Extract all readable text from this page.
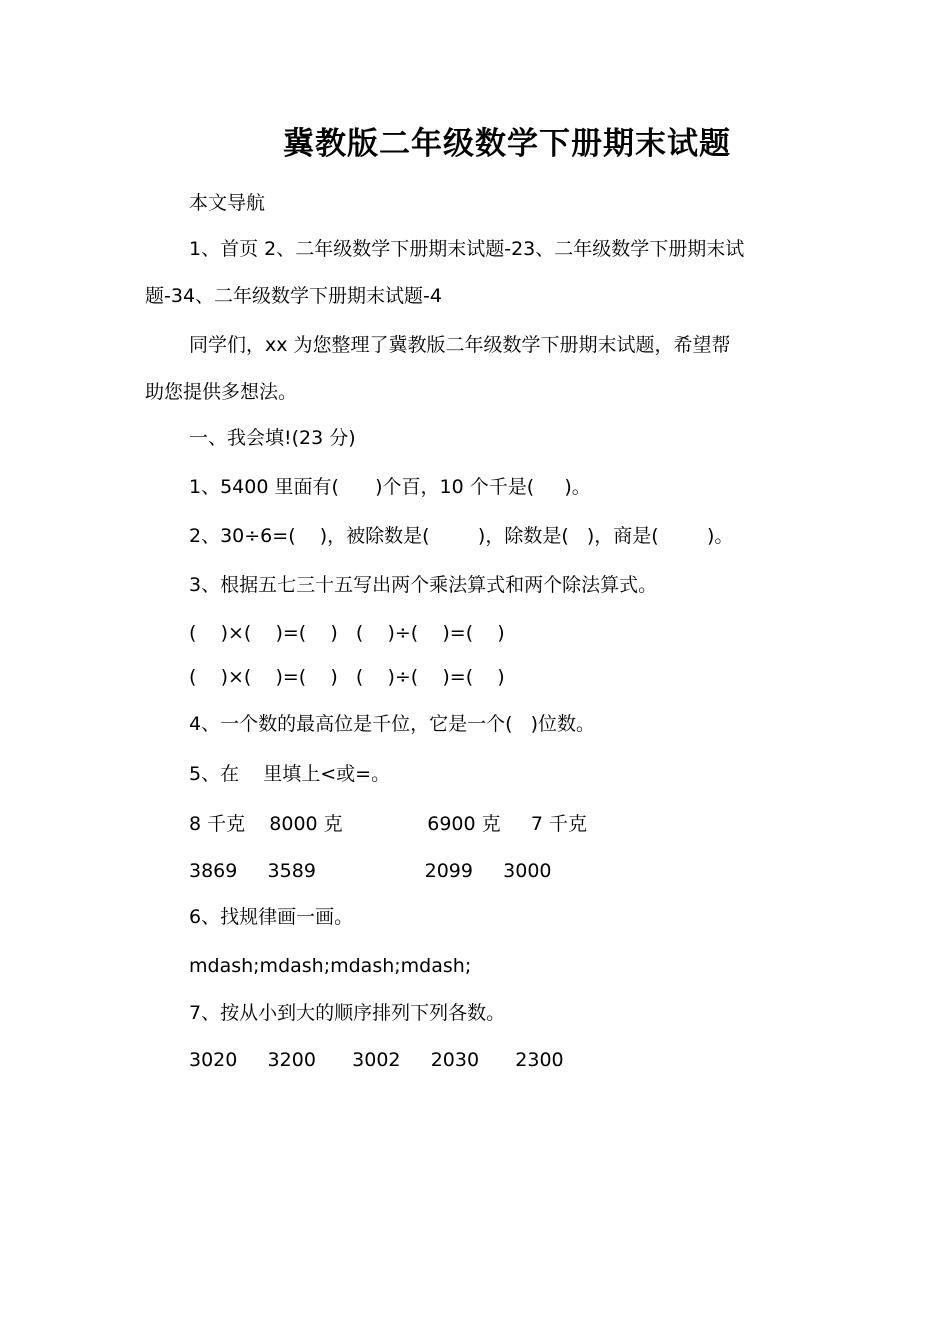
冀教版二年级数学下册期末试题
本文导航
1、首页 2、二年级数学下册期末试题-23、二年级数学下册期末试
题-34、二年级数学下册期末试题-4
同学们，xx 为您整理了冀教版二年级数学下册期末试题，希望帮
助您提供多想法。
一、我会填!(23 分)
1、5400 里面有(      )个百，10 个千是(     )。
2、30÷6=(    )，被除数是(        )，除数是(   )，商是(        )。
3、根据五七三十五写出两个乘法算式和两个除法算式。
(    )×(    )=(    )   (    )÷(    )=(    )
(    )×(    )=(    )   (    )÷(    )=(    )
4、一个数的最高位是千位，它是一个(   )位数。
5、在    里填上<或=。
8 千克    8000 克              6900 克     7 千克
3869     3589                  2099     3000
6、找规律画一画。
mdash;mdash;mdash;mdash;
7、按从小到大的顺序排列下列各数。
3020     3200      3002     2030      2300
